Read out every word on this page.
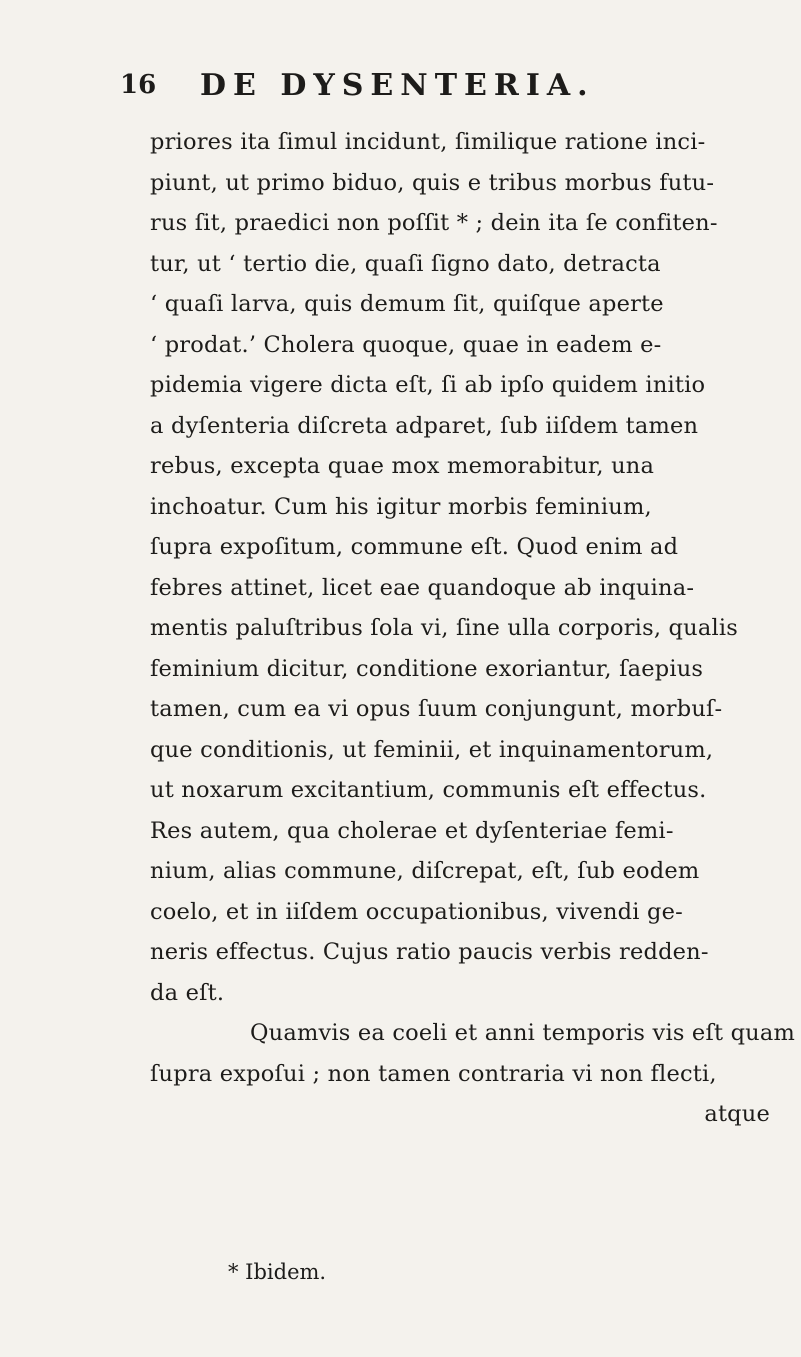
16 DE DYSENTERIA.
priores ita ſimul incidunt, ſimilique ratione inci-
piunt, ut primo biduo, quis e tribus morbus futu-
rus ſit, praedici non poſſit * ; dein ita ſe confiten-
tur, ut ‘ tertio die, quaſi ſigno dato, detracta
‘ quaſi larva, quis demum ſit, quiſque aperte
‘ prodat.’ Cholera quoque, quae in eadem e-
pidemia vigere dicta eſt, ſi ab ipſo quidem initio
a dyſenteria diſcreta adparet, ſub iiſdem tamen
rebus, excepta quae mox memorabitur, una
inchoatur. Cum his igitur morbis feminium,
ſupra expoſitum, commune eſt. Quod enim ad
febres attinet, licet eae quandoque ab inquina-
mentis paluſtribus ſola vi, ſine ulla corporis, qualis
feminium dicitur, conditione exoriantur, ſaepius
tamen, cum ea vi opus ſuum conjungunt, morbuſ-
que conditionis, ut feminii, et inquinamentorum,
ut noxarum excitantium, communis eſt effectus.
Res autem, qua cholerae et dyſenteriae femi-
nium, alias commune, diſcrepat, eſt, ſub eodem
coelo, et in iiſdem occupationibus, vivendi ge-
neris effectus. Cujus ratio paucis verbis redden-
da eſt.
Quamvis ea coeli et anni temporis vis eſt quam
ſupra expoſui ; non tamen contraria vi non flecti,
atque
* Ibidem.
